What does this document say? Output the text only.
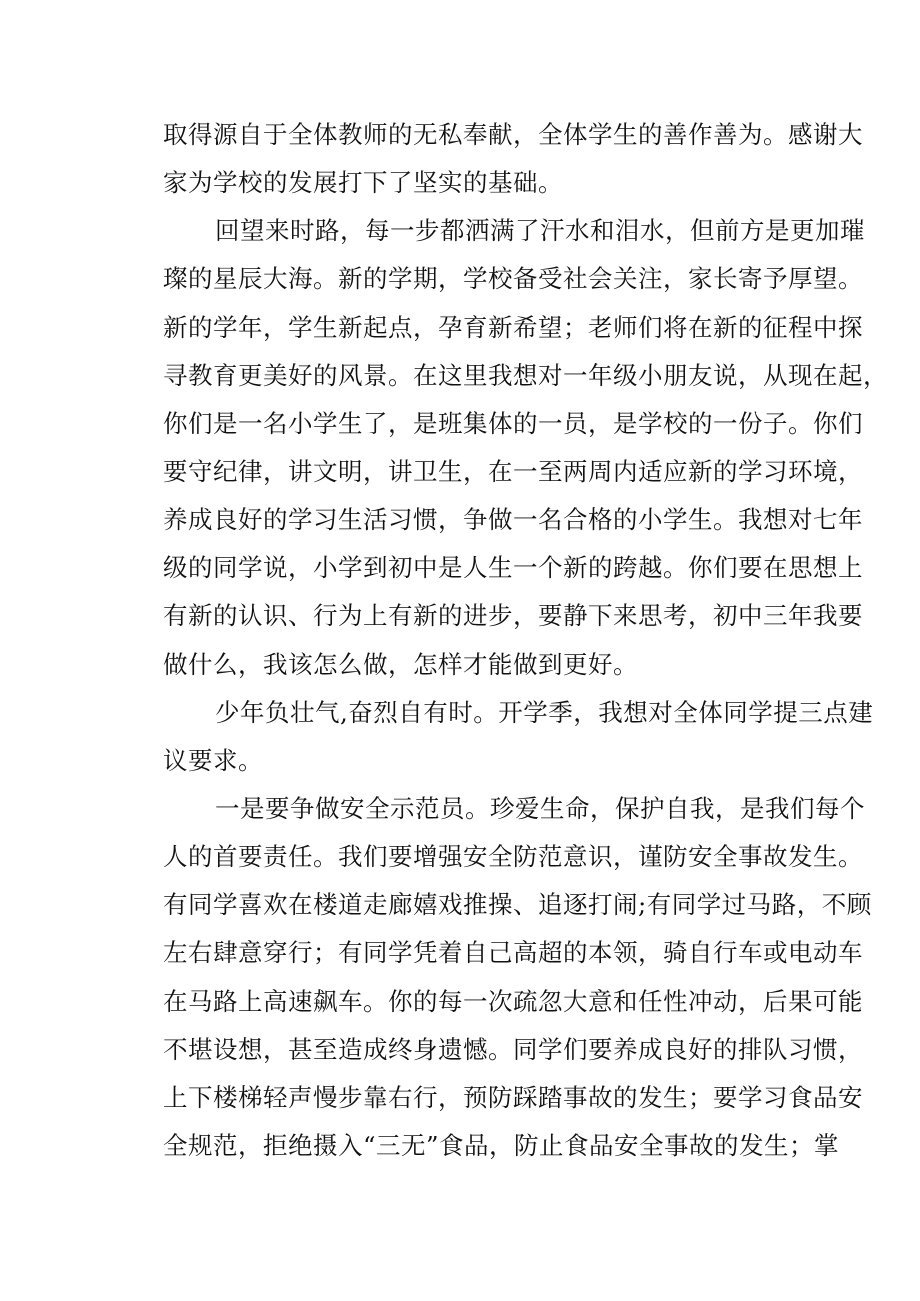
取得源自于全体教师的无私奉献，全体学生的善作善为。感谢大
家为学校的发展打下了坚实的基础。
回望来时路，每一步都洒满了汗水和泪水，但前方是更加璀
璨的星辰大海。新的学期，学校备受社会关注，家长寄予厚望。
新的学年，学生新起点，孕育新希望；老师们将在新的征程中探
寻教育更美好的风景。在这里我想对一年级小朋友说，从现在起，
你们是一名小学生了，是班集体的一员，是学校的一份子。你们
要守纪律，讲文明，讲卫生，在一至两周内适应新的学习环境，
养成良好的学习生活习惯，争做一名合格的小学生。我想对七年
级的同学说，小学到初中是人生一个新的跨越。你们要在思想上
有新的认识、行为上有新的进步，要静下来思考，初中三年我要
做什么，我该怎么做，怎样才能做到更好。
少年负壮气,奋烈自有时。开学季，我想对全体同学提三点建
议要求。
一是要争做安全示范员。珍爱生命，保护自我，是我们每个
人的首要责任。我们要增强安全防范意识，谨防安全事故发生。
有同学喜欢在楼道走廊嬉戏推操、追逐打闹;有同学过马路，不顾
左右肆意穿行；有同学凭着自己高超的本领，骑自行车或电动车
在马路上高速飙车。你的每一次疏忽大意和任性冲动，后果可能
不堪设想，甚至造成终身遗憾。同学们要养成良好的排队习惯，
上下楼梯轻声慢步靠右行，预防踩踏事故的发生；要学习食品安
全规范，拒绝摄入“三无”食品，防止食品安全事故的发生；掌
